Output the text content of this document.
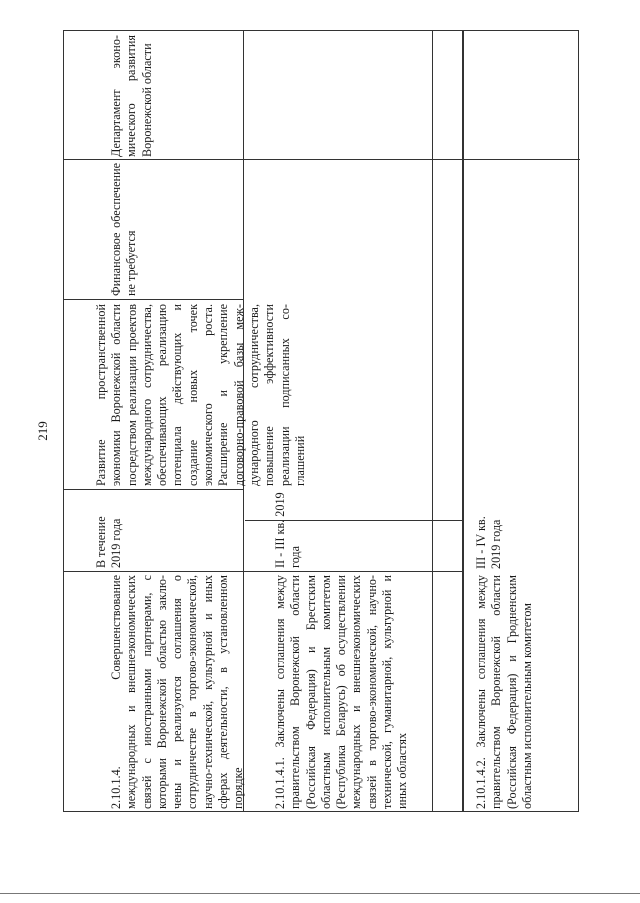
219

Департамент экономического развития Воронежской области

Финансовое обеспечение не требуется

Развитие пространственной экономики Воронежской области посредством реализации проектов международного сотрудничества, обеспечивающих реализацию потенциала действующих и создание новых точек экономического роста. Расширение и укрепление договорно-правовой базы международного сотрудничества, повышение эффективности реализации подписанных соглашений

В течение 2019 года

2.10.1.4. Совершенствование международных и внешнеэкономических связей с иностранными партнерами, с которыми Воронежской областью заключены и реализуются соглашения о сотрудничестве в торгово-экономической, научно-технической, культурной и иных сферах деятельности, в установленном порядке

II - III кв. 2019 года

2.10.1.4.1. Заключены соглашения между правительством Воронежской области (Российская Федерация) и Брестским областным исполнительным комитетом (Республика Беларусь) об осуществлении международных и внешнеэкономических связей в торгово-экономической, научно-технической, гуманитарной, культурной и иных областях

III - IV кв. 2019 года

2.10.1.4.2. Заключены соглашения между правительством Воронежской области (Российская Федерация) и Гродненским областным исполнительным комитетом
